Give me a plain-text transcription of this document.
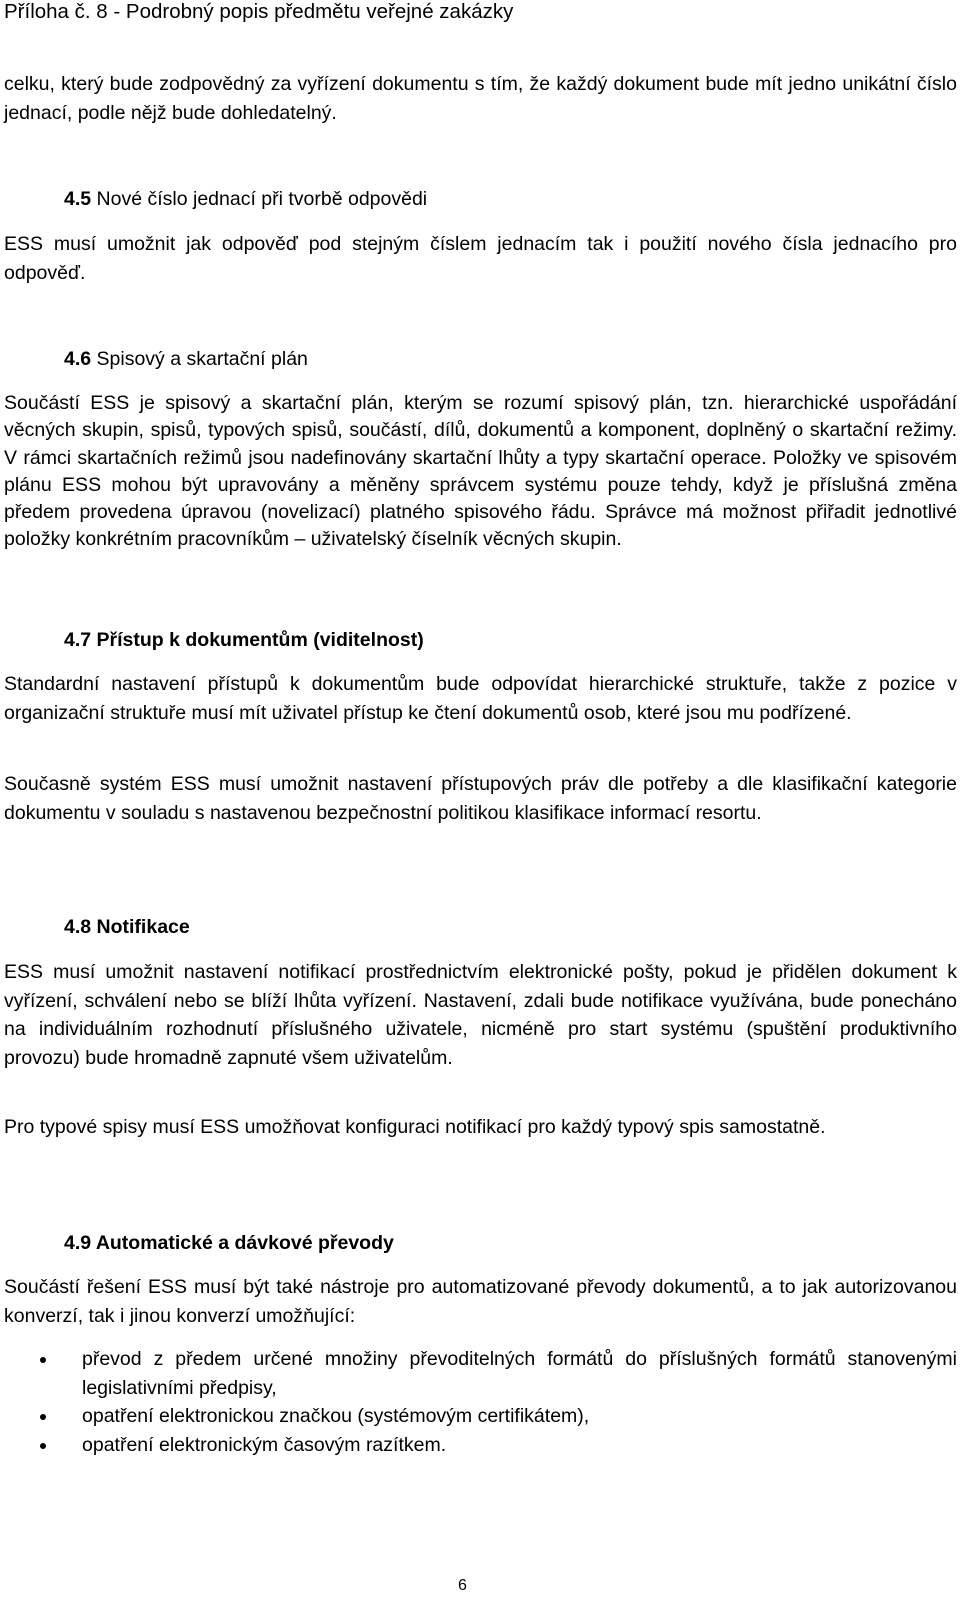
Příloha č. 8 - Podrobný popis předmětu veřejné zakázky

celku, který bude zodpovědný za vyřízení dokumentu s tím, že každý dokument bude mít jedno unikátní číslo jednací, podle nějž bude dohledatelný.

4.5 Nové číslo jednací při tvorbě odpovědi

ESS musí umožnit jak odpověď pod stejným číslem jednacím tak i použití nového čísla jednacího pro odpověď.

4.6 Spisový a skartační plán

Součástí ESS je spisový a skartační plán, kterým se rozumí spisový plán, tzn. hierarchické uspořádání věcných skupin, spisů, typových spisů, součástí, dílů, dokumentů a komponent, doplněný o skartační režimy. V rámci skartačních režimů jsou nadefinovány skartační lhůty a typy skartační operace. Položky ve spisovém plánu ESS mohou být upravovány a měněny správcem systému pouze tehdy, když je příslušná změna předem provedena úpravou (novelizací) platného spisového řádu. Správce má možnost přiřadit jednotlivé položky konkrétním pracovníkům – uživatelský číselník věcných skupin.

4.7 Přístup k dokumentům (viditelnost)

Standardní nastavení přístupů k dokumentům bude odpovídat hierarchické struktuře, takže z pozice v organizační struktuře musí mít uživatel přístup ke čtení dokumentů osob, které jsou mu podřízené.

Současně systém ESS musí umožnit nastavení přístupových práv dle potřeby a dle klasifikační kategorie dokumentu v souladu s nastavenou bezpečnostní politikou klasifikace informací resortu.

4.8 Notifikace

ESS musí umožnit nastavení notifikací prostřednictvím elektronické pošty, pokud je přidělen dokument k vyřízení, schválení nebo se blíží lhůta vyřízení. Nastavení, zdali bude notifikace využívána, bude ponecháno na individuálním rozhodnutí příslušného uživatele, nicméně pro start systému (spuštění produktivního provozu) bude hromadně zapnuté všem uživatelům.

Pro typové spisy musí ESS umožňovat konfiguraci notifikací pro každý typový spis samostatně.

4.9 Automatické a dávkové převody

Součástí řešení ESS musí být také nástroje pro automatizované převody dokumentů, a to jak autorizovanou konverzí, tak i jinou konverzí umožňující:

převod z předem určené množiny převoditelných formátů do příslušných formátů stanovenými legislativními předpisy,
opatření elektronickou značkou (systémovým certifikátem),
opatření elektronickým časovým razítkem.
6
